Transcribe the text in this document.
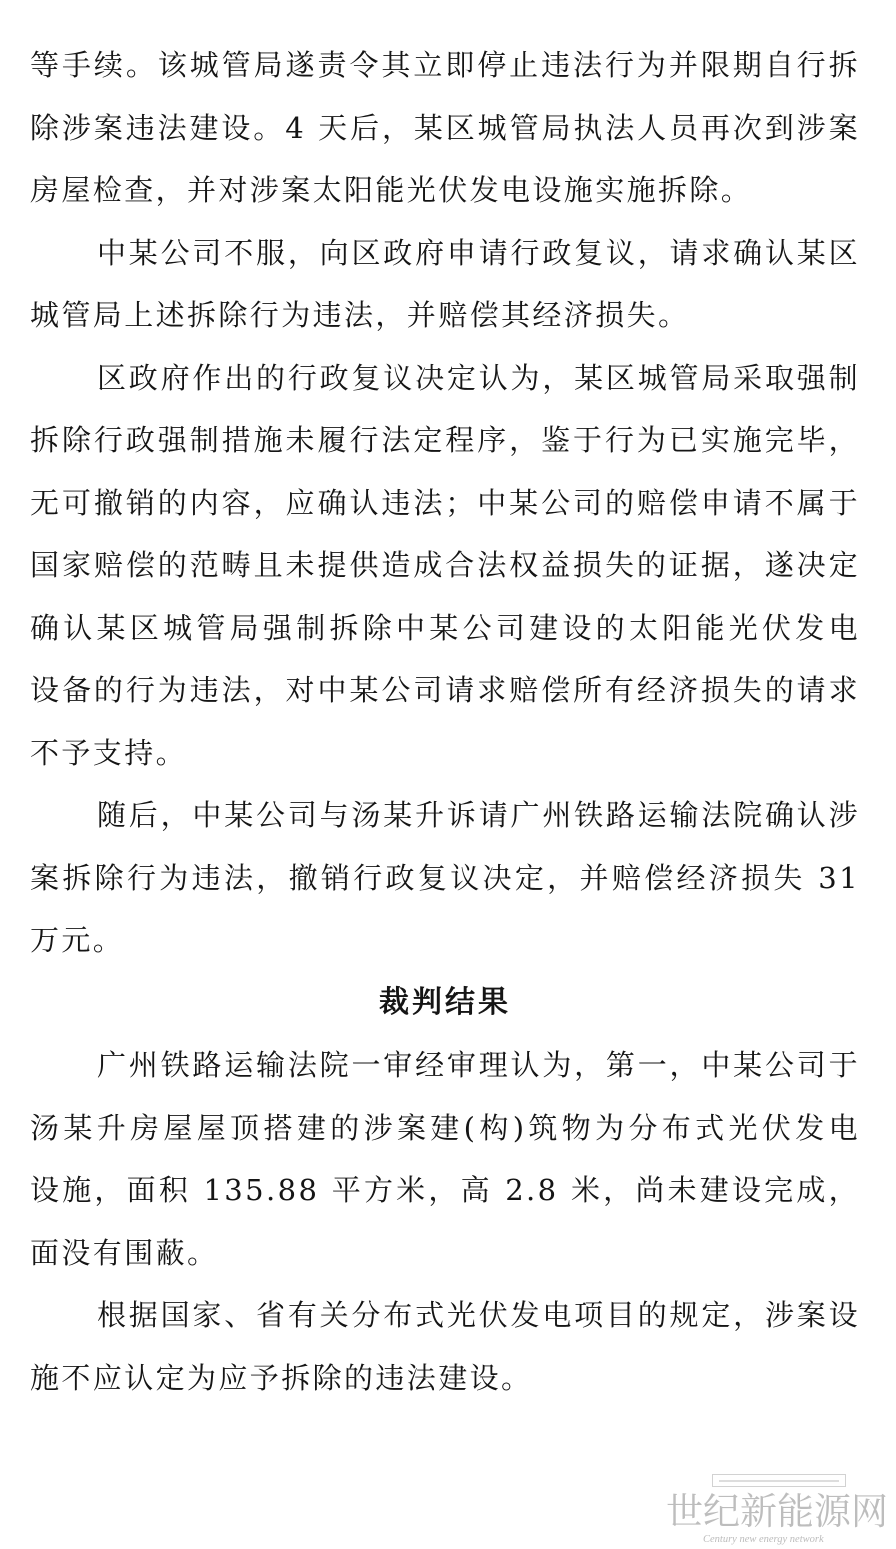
等手续。该城管局遂责令其立即停止违法行为并限期自行拆
除涉案违法建设。4 天后，某区城管局执法人员再次到涉案
房屋检查，并对涉案太阳能光伏发电设施实施拆除。
中某公司不服，向区政府申请行政复议，请求确认某区
城管局上述拆除行为违法，并赔偿其经济损失。
区政府作出的行政复议决定认为，某区城管局采取强制
拆除行政强制措施未履行法定程序，鉴于行为已实施完毕，
无可撤销的内容，应确认违法；中某公司的赔偿申请不属于
国家赔偿的范畴且未提供造成合法权益损失的证据，遂决定
确认某区城管局强制拆除中某公司建设的太阳能光伏发电
设备的行为违法，对中某公司请求赔偿所有经济损失的请求
不予支持。
随后，中某公司与汤某升诉请广州铁路运输法院确认涉
案拆除行为违法，撤销行政复议决定，并赔偿经济损失 31
万元。
裁判结果
广州铁路运输法院一审经审理认为，第一，中某公司于
汤某升房屋屋顶搭建的涉案建(构)筑物为分布式光伏发电
设施，面积 135.88 平方米，高 2.8 米，尚未建设完成，
面没有围蔽。
根据国家、省有关分布式光伏发电项目的规定，涉案设
施不应认定为应予拆除的违法建设。
世纪新能源网
Century new energy network
